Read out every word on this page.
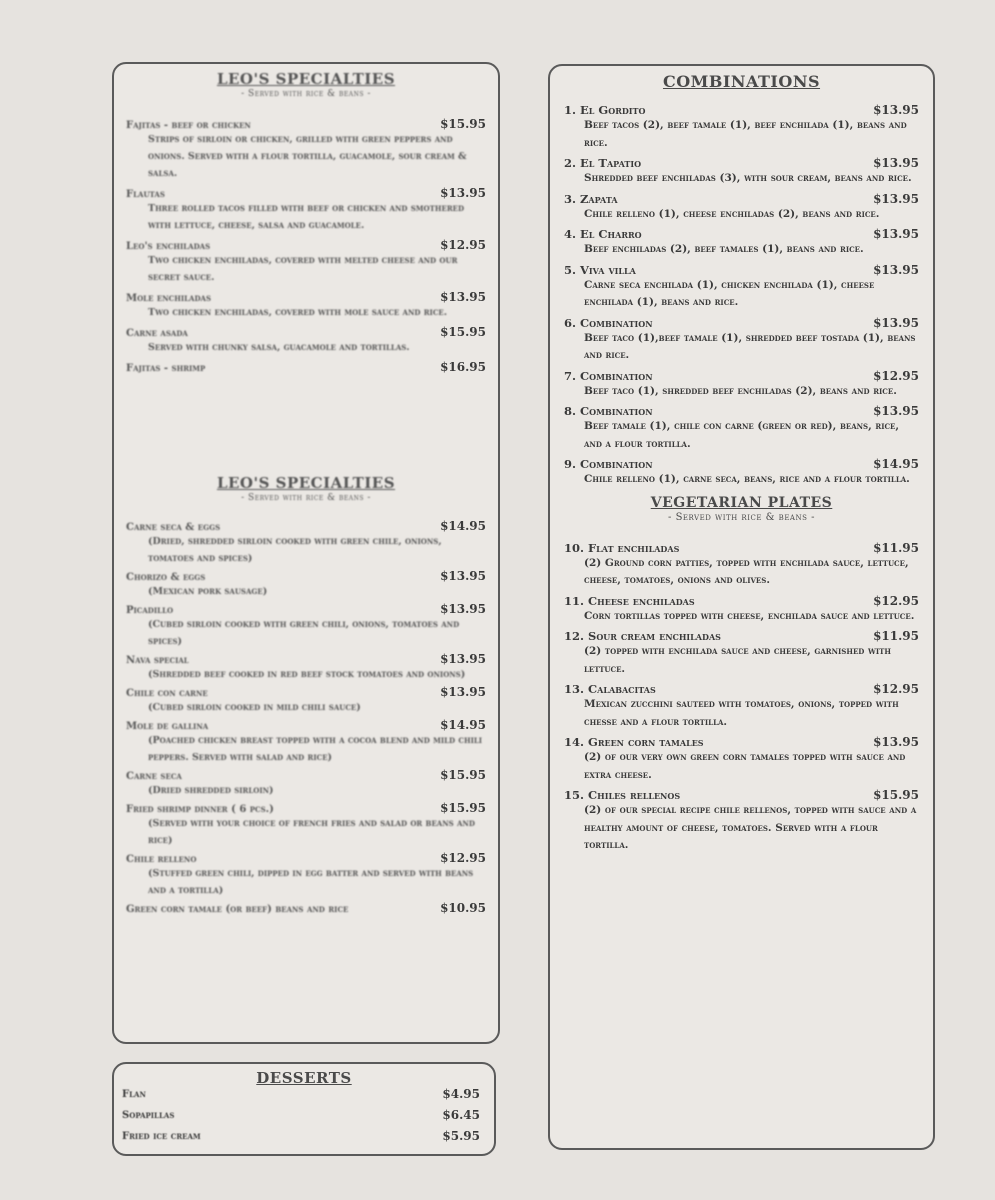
LEO'S SPECIALTIES
- Served with rice & beans -
Fajitas - beef or chicken	$15.95
Strips of sirloin or chicken, grilled with green peppers and onions. Served with a flour tortilla, guacamole, sour cream & salsa.
Flautas	$13.95
Three rolled tacos filled with beef or chicken and smothered with lettuce, cheese, salsa and guacamole.
Leo's enchiladas	$12.95
Two chicken enchiladas, covered with melted cheese and our secret sauce.
Mole enchiladas	$13.95
Two chicken enchiladas, covered with mole sauce and rice.
Carne asada	$15.95
Served with chunky salsa, guacamole and tortillas.
Fajitas - shrimp	$16.95
LEO'S SPECIALTIES
- Served with rice & beans -
Carne seca & eggs	$14.95
(Dried, shredded sirloin cooked with green chile, onions, tomatoes and spices)
Chorizo & eggs	$13.95
(Mexican pork sausage)
Picadillo	$13.95
(Cubed sirloin cooked with green chili, onions, tomatoes and spices)
Nava special	$13.95
(Shredded beef cooked in red beef stock tomatoes and onions)
Chile con carne	$13.95
(Cubed sirloin cooked in mild chili sauce)
Mole de gallina	$14.95
(Poached chicken breast topped with a cocoa blend and mild chili peppers. Served with salad and rice)
Carne seca	$15.95
(Dried shredded sirloin)
Fried shrimp dinner ( 6 pcs.)	$15.95
(Served with your choice of french fries and salad or beans and rice)
Chile relleno	$12.95
(Stuffed green chili, dipped in egg batter and served with beans and a tortilla)
Green corn tamale (or beef) beans and rice	$10.95
DESSERTS
Flan	$4.95
Sopapillas	$6.45
Fried ice cream	$5.95
COMBINATIONS
1. El Gordito	$13.95
Beef tacos (2), beef tamale (1), beef enchilada (1), beans and rice.
2. El Tapatio	$13.95
Shredded beef enchiladas (3), with sour cream, beans and rice.
3. Zapata	$13.95
Chile relleno (1), cheese enchiladas (2), beans and rice.
4. El Charro	$13.95
Beef enchiladas (2), beef tamales (1), beans and rice.
5. Viva villa	$13.95
Carne seca enchilada (1), chicken enchilada (1), cheese enchilada (1), beans and rice.
6. Combination	$13.95
Beef taco (1),beef tamale (1), shredded beef tostada (1), beans and rice.
7. Combination	$12.95
Beef taco (1), shredded beef enchiladas (2), beans and rice.
8. Combination	$13.95
Beef tamale (1), chile con carne (green or red), beans, rice, and a flour tortilla.
9. Combination	$14.95
Chile relleno (1), carne seca, beans, rice and a flour tortilla.
VEGETARIAN PLATES
- Served with rice & beans -
10. Flat enchiladas	$11.95
(2) Ground corn patties, topped with enchilada sauce, lettuce, cheese, tomatoes, onions and olives.
11. Cheese enchiladas	$12.95
Corn tortillas topped with cheese, enchilada sauce and lettuce.
12. Sour cream enchiladas	$11.95
(2) topped with enchilada sauce and cheese, garnished with lettuce.
13. Calabacitas	$12.95
Mexican zucchini sauteed with tomatoes, onions, topped with chesse and a flour tortilla.
14. Green corn tamales	$13.95
(2) of our very own green corn tamales topped with sauce and extra cheese.
15. Chiles rellenos	$15.95
(2) of our special recipe chile rellenos, topped with sauce and a healthy amount of cheese, tomatoes. Served with a flour tortilla.
